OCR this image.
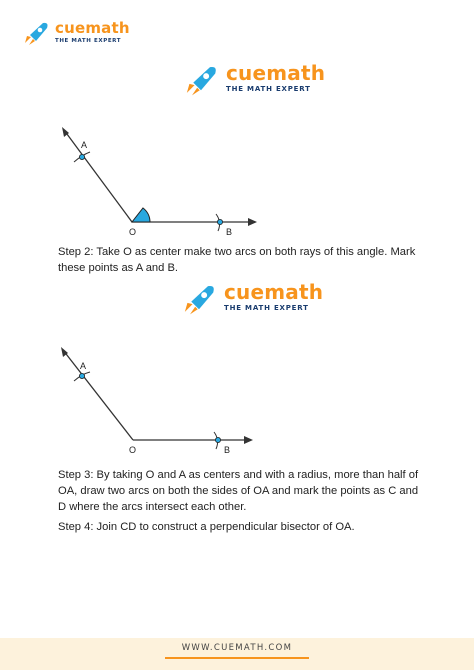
cuemath
THE MATH EXPERT
cuemath
THE MATH EXPERT
A
O	B
Step 2: Take O as center make two arcs on both rays of this angle. Mark these points as A and B.
cuemath
THE MATH EXPERT
A
O	B
Step 3: By taking O and A as centers and with a radius, more than half of OA, draw two arcs on both the sides of OA and mark the points as C and D where the arcs intersect each other.
Step 4: Join CD to construct a perpendicular bisector of OA.
WWW.CUEMATH.COM
